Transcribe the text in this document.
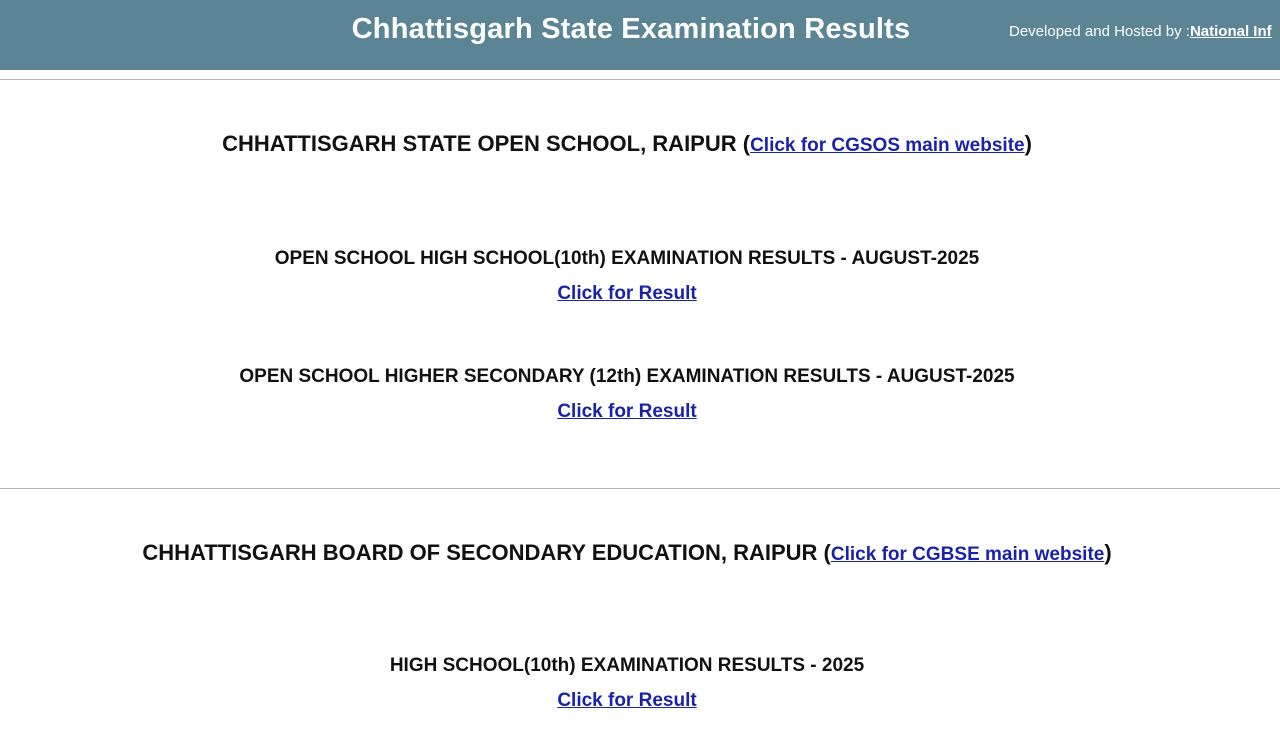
Chhattisgarh State Examination Results	Developed and Hosted by :National Inf
CHHATTISGARH STATE OPEN SCHOOL, RAIPUR (Click for CGSOS main website)
OPEN SCHOOL HIGH SCHOOL(10th) EXAMINATION RESULTS - AUGUST-2025
Click for Result
OPEN SCHOOL HIGHER SECONDARY (12th) EXAMINATION RESULTS - AUGUST-2025
Click for Result
CHHATTISGARH BOARD OF SECONDARY EDUCATION, RAIPUR (Click for CGBSE main website)
HIGH SCHOOL(10th) EXAMINATION RESULTS - 2025
Click for Result
